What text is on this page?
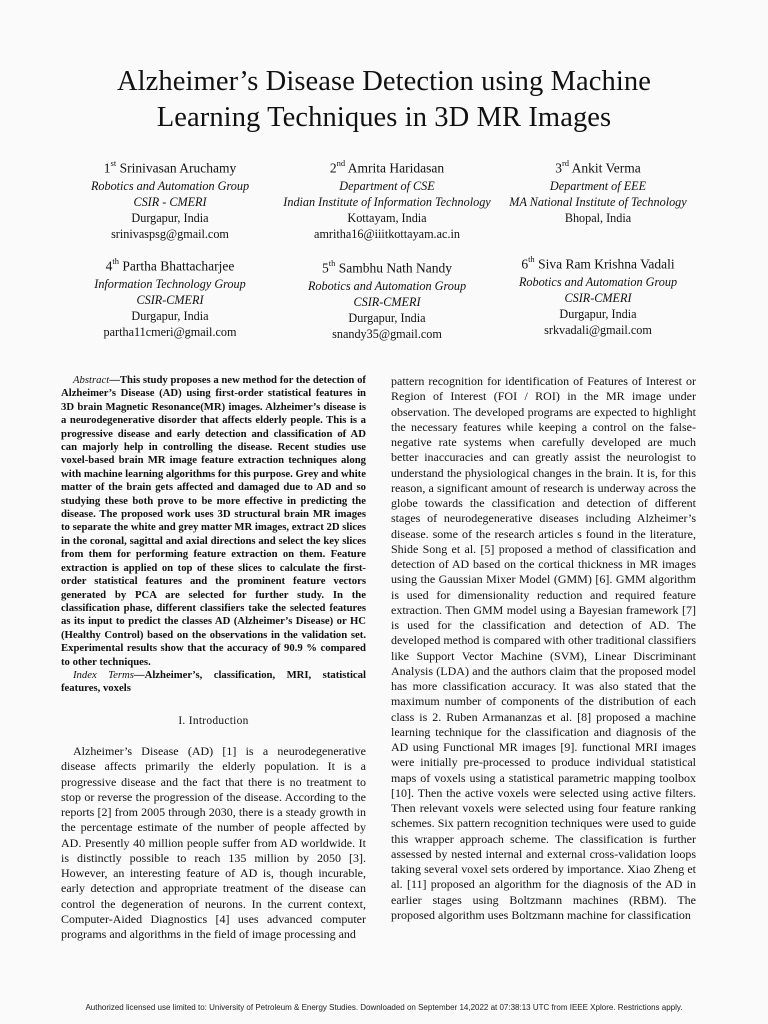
Alzheimer’s Disease Detection using Machine
Learning Techniques in 3D MR Images
1st Srinivasan Aruchamy
Robotics and Automation Group
CSIR - CMERI
Durgapur, India
srinivaspsg@gmail.com
2nd Amrita Haridasan
Department of CSE
Indian Institute of Information Technology
Kottayam, India
amritha16@iiitkottayam.ac.in
3rd Ankit Verma
Department of EEE
MA National Institute of Technology
Bhopal, India
4th Partha Bhattacharjee
Information Technology Group
CSIR-CMERI
Durgapur, India
partha11cmeri@gmail.com
5th Sambhu Nath Nandy
Robotics and Automation Group
CSIR-CMERI
Durgapur, India
snandy35@gmail.com
6th Siva Ram Krishna Vadali
Robotics and Automation Group
CSIR-CMERI
Durgapur, India
srkvadali@gmail.com

Abstract—This study proposes a new method for the detection of Alzheimer’s Disease (AD) using first-order statistical features in 3D brain Magnetic Resonance(MR) images. Alzheimer’s disease is a neurodegenerative disorder that affects elderly people. This is a progressive disease and early detection and classification of AD can majorly help in controlling the disease. Recent studies use voxel-based brain MR image feature extraction techniques along with machine learning algorithms for this purpose. Grey and white matter of the brain gets affected and damaged due to AD and so studying these both prove to be more effective in predicting the disease. The proposed work uses 3D structural brain MR images to separate the white and grey matter MR images, extract 2D slices in the coronal, sagittal and axial directions and select the key slices from them for performing feature extraction on them. Feature extraction is applied on top of these slices to calculate the first-order statistical features and the prominent feature vectors generated by PCA are selected for further study. In the classification phase, different classifiers take the selected features as its input to predict the classes AD (Alzheimer’s Disease) or HC (Healthy Control) based on the observations in the validation set. Experimental results show that the accuracy of 90.9 % compared to other techniques.

Index Terms—Alzheimer’s, classification, MRI, statistical features, voxels

I. Introduction

Alzheimer’s Disease (AD) [1] is a neurodegenerative disease affects primarily the elderly population. It is a progressive disease and the fact that there is no treatment to stop or reverse the progression of the disease. According to the reports [2] from 2005 through 2030, there is a steady growth in the percentage estimate of the number of people affected by AD. Presently 40 million people suffer from AD worldwide. It is distinctly possible to reach 135 million by 2050 [3]. However, an interesting feature of AD is, though incurable, early detection and appropriate treatment of the disease can control the degeneration of neurons. In the current context, Computer-Aided Diagnostics [4] uses advanced computer programs and algorithms in the field of image processing and

pattern recognition for identification of Features of Interest or Region of Interest (FOI / ROI) in the MR image under observation. The developed programs are expected to highlight the necessary features while keeping a control on the false-negative rate systems when carefully developed are much better inaccuracies and can greatly assist the neurologist to understand the physiological changes in the brain. It is, for this reason, a significant amount of research is underway across the globe towards the classification and detection of different stages of neurodegenerative diseases including Alzheimer’s disease. some of the research articles s found in the literature, Shide Song et al. [5] proposed a method of classification and detection of AD based on the cortical thickness in MR images using the Gaussian Mixer Model (GMM) [6]. GMM algorithm is used for dimensionality reduction and required feature extraction. Then GMM model using a Bayesian framework [7] is used for the classification and detection of AD. The developed method is compared with other traditional classifiers like Support Vector Machine (SVM), Linear Discriminant Analysis (LDA) and the authors claim that the proposed model has more classification accuracy. It was also stated that the maximum number of components of the distribution of each class is 2. Ruben Armananzas et al. [8] proposed a machine learning technique for the classification and diagnosis of the AD using Functional MR images [9]. functional MRI images were initially pre-processed to produce individual statistical maps of voxels using a statistical parametric mapping toolbox [10]. Then the active voxels were selected using active filters. Then relevant voxels were selected using four feature ranking schemes. Six pattern recognition techniques were used to guide this wrapper approach scheme. The classification is further assessed by nested internal and external cross-validation loops taking several voxel sets ordered by importance. Xiao Zheng et al. [11] proposed an algorithm for the diagnosis of the AD in earlier stages using Boltzmann machines (RBM). The proposed algorithm uses Boltzmann machine for classification

Authorized licensed use limited to: University of Petroleum & Energy Studies. Downloaded on September 14,2022 at 07:38:13 UTC from IEEE Xplore. Restrictions apply.
